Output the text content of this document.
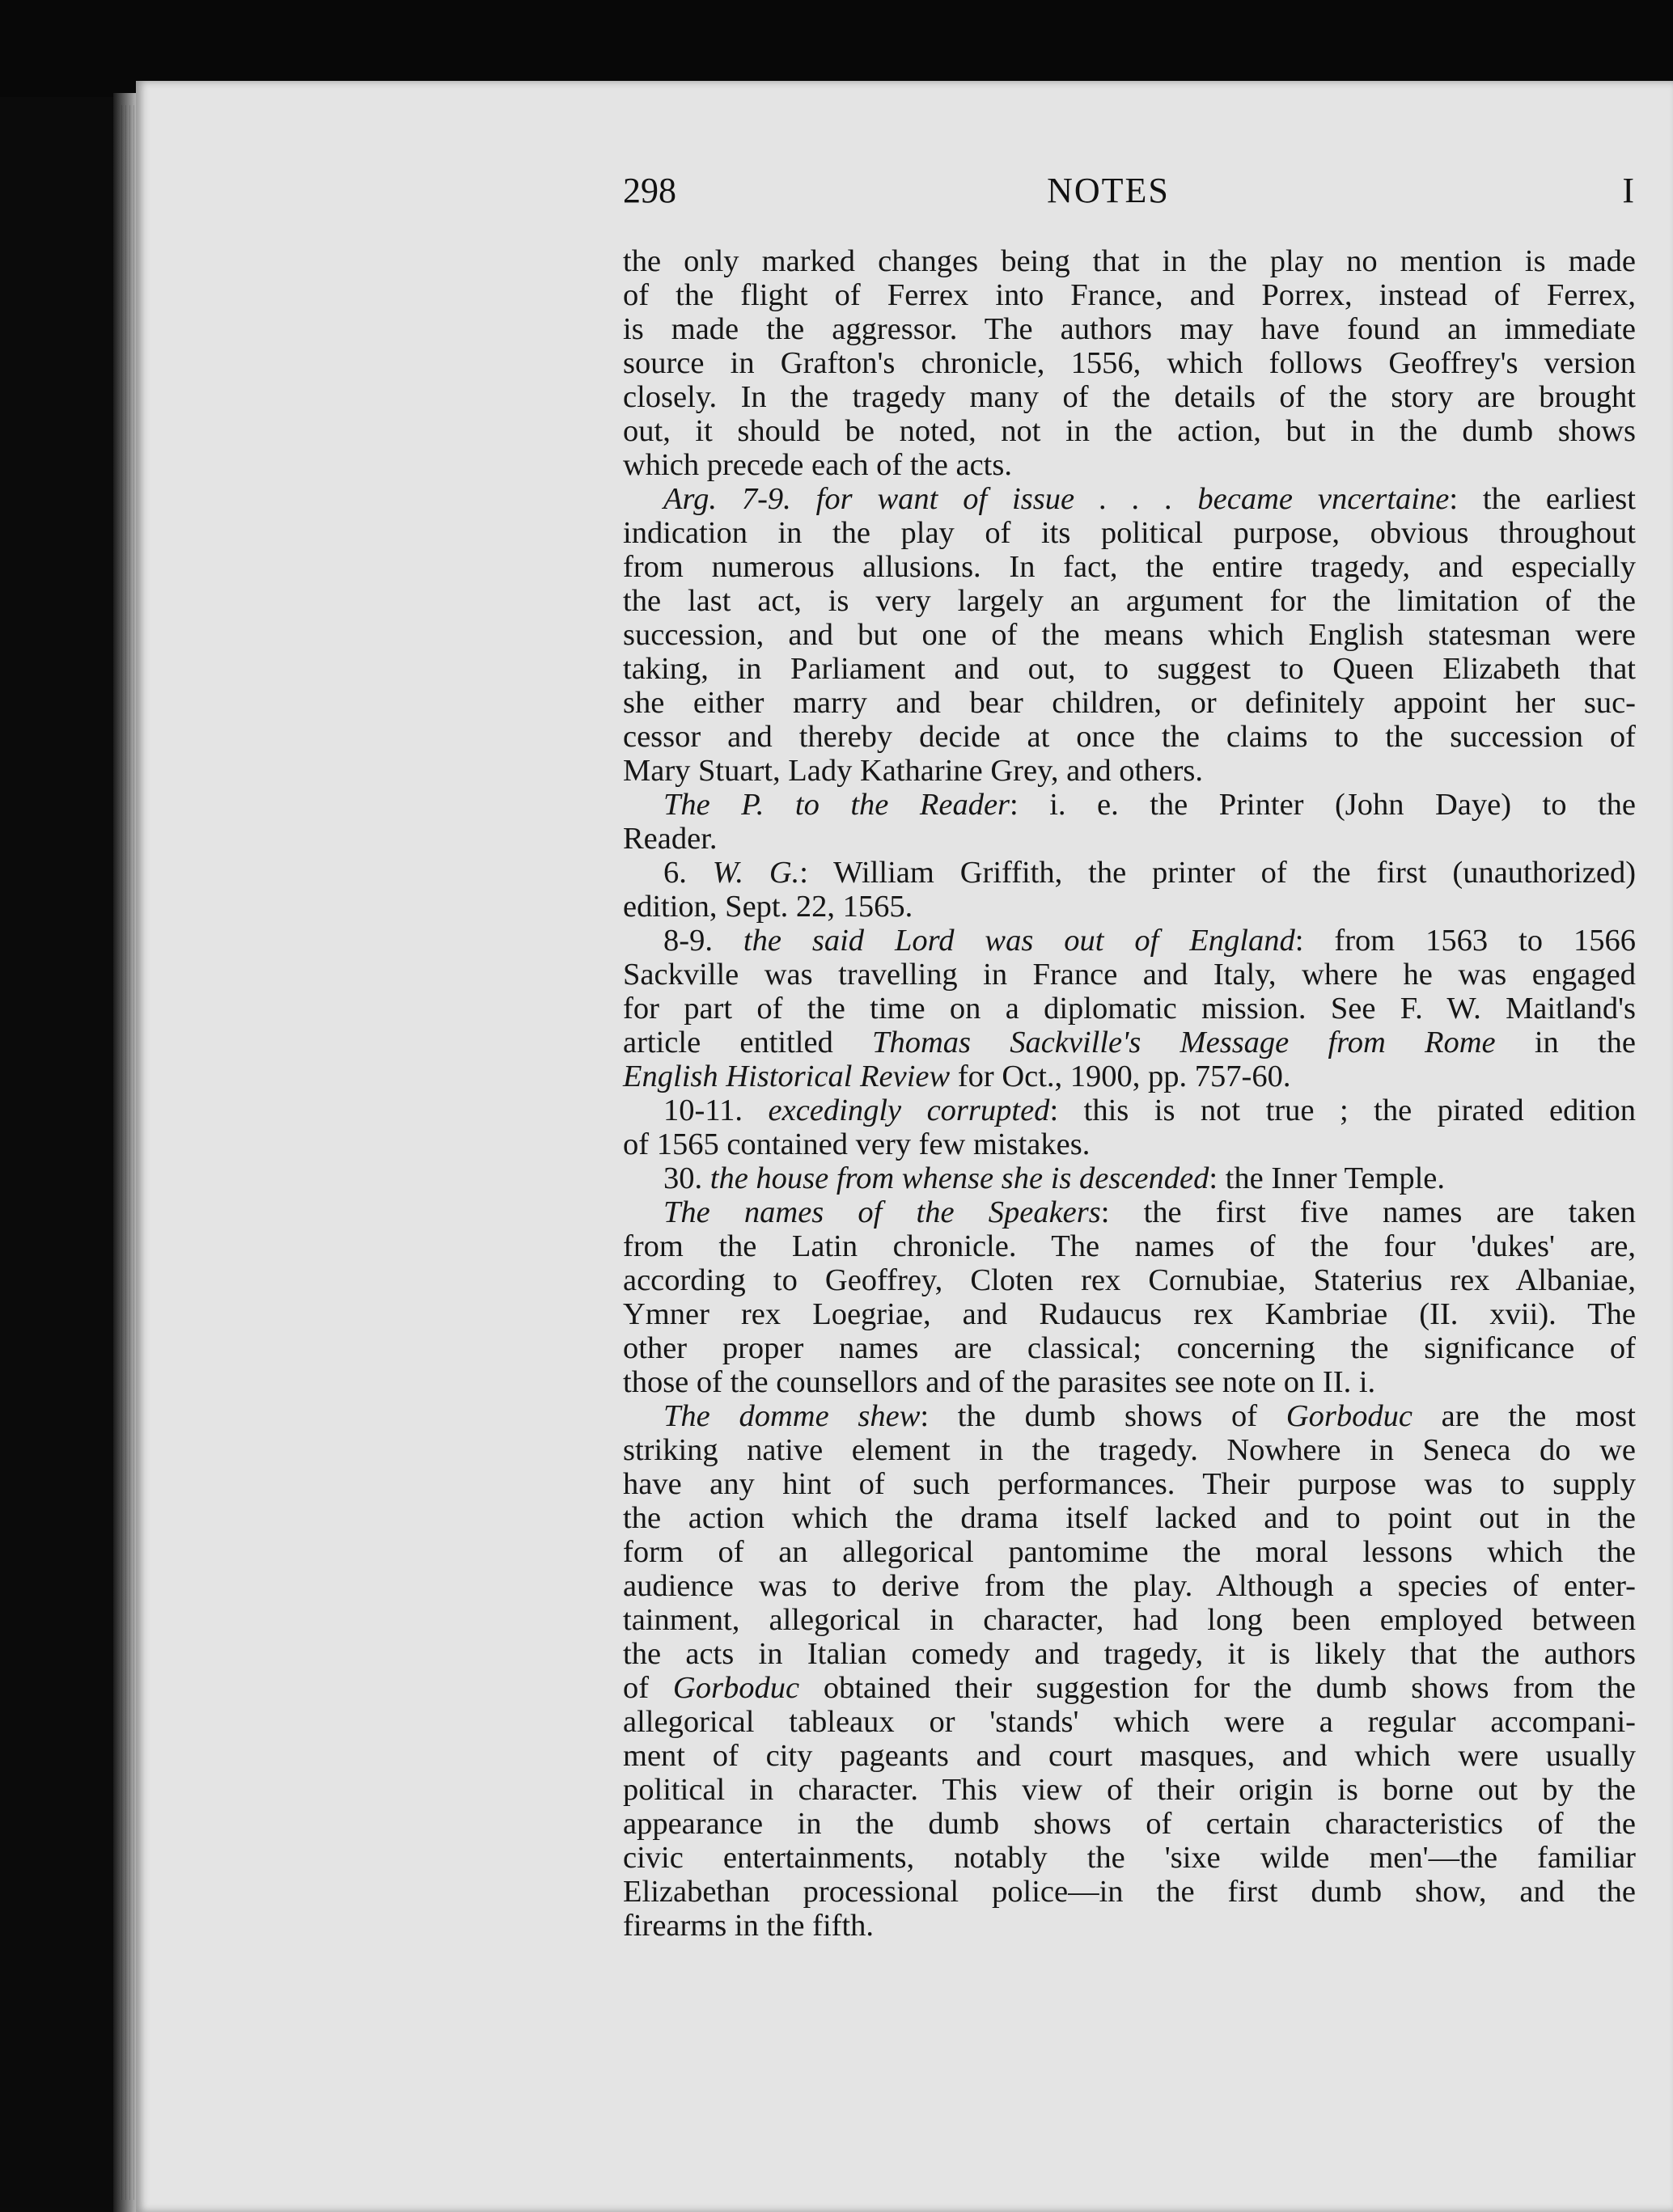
298	NOTES	I
the only marked changes being that in the play no mention is made
of the flight of Ferrex into France, and Porrex, instead of Ferrex,
is made the aggressor. The authors may have found an immediate
source in Grafton's chronicle, 1556, which follows Geoffrey's version
closely. In the tragedy many of the details of the story are brought
out, it should be noted, not in the action, but in the dumb shows
which precede each of the acts.
Arg. 7-9. for want of issue . . . became vncertaine: the earliest
indication in the play of its political purpose, obvious throughout
from numerous allusions. In fact, the entire tragedy, and especially
the last act, is very largely an argument for the limitation of the
succession, and but one of the means which English statesman were
taking, in Parliament and out, to suggest to Queen Elizabeth that
she either marry and bear children, or definitely appoint her suc-
cessor and thereby decide at once the claims to the succession of
Mary Stuart, Lady Katharine Grey, and others.
The P. to the Reader: i. e. the Printer (John Daye) to the
Reader.
6. W. G.: William Griffith, the printer of the first (unauthorized)
edition, Sept. 22, 1565.
8-9. the said Lord was out of England: from 1563 to 1566
Sackville was travelling in France and Italy, where he was engaged
for part of the time on a diplomatic mission. See F. W. Maitland's
article entitled Thomas Sackville's Message from Rome in the
English Historical Review for Oct., 1900, pp. 757-60.
10-11. excedingly corrupted: this is not true ; the pirated edition
of 1565 contained very few mistakes.
30. the house from whense she is descended: the Inner Temple.
The names of the Speakers: the first five names are taken
from the Latin chronicle. The names of the four 'dukes' are,
according to Geoffrey, Cloten rex Cornubiae, Staterius rex Albaniae,
Ymner rex Loegriae, and Rudaucus rex Kambriae (II. xvii). The
other proper names are classical; concerning the significance of
those of the counsellors and of the parasites see note on II. i.
The domme shew: the dumb shows of Gorboduc are the most
striking native element in the tragedy. Nowhere in Seneca do we
have any hint of such performances. Their purpose was to supply
the action which the drama itself lacked and to point out in the
form of an allegorical pantomime the moral lessons which the
audience was to derive from the play. Although a species of enter-
tainment, allegorical in character, had long been employed between
the acts in Italian comedy and tragedy, it is likely that the authors
of Gorboduc obtained their suggestion for the dumb shows from the
allegorical tableaux or 'stands' which were a regular accompani-
ment of city pageants and court masques, and which were usually
political in character. This view of their origin is borne out by the
appearance in the dumb shows of certain characteristics of the
civic entertainments, notably the 'sixe wilde men'—the familiar
Elizabethan processional police—in the first dumb show, and the
firearms in the fifth.
